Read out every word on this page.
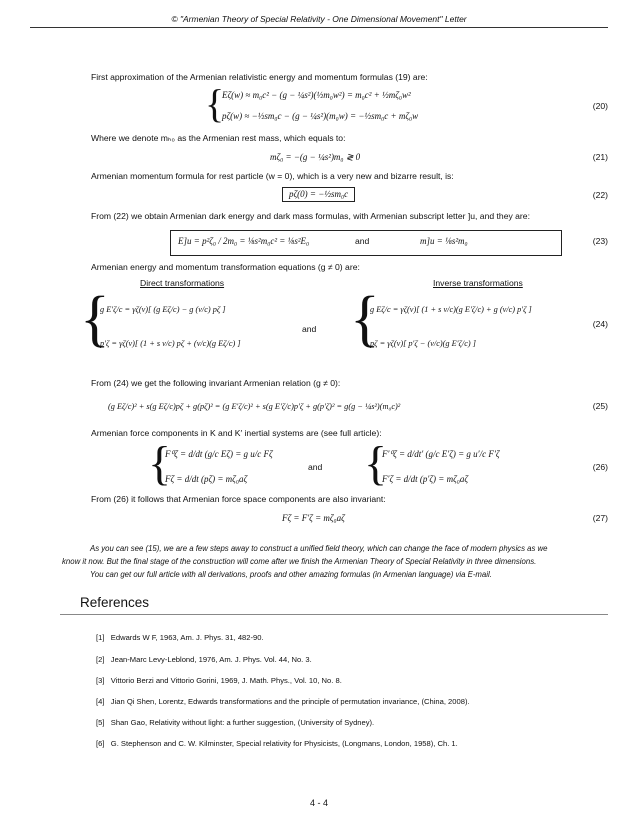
© "Armenian Theory of Special Relativity - One Dimensional Movement" Letter
First approximation of the Armenian relativistic energy and momentum formulas (19) are:
{
Eζ(w) ≈ m₀c² − (g − ¼s²)(½m₀w²) = m₀c² + ½mζ₀w²
pζ(w) ≈ −½sm₀c − (g − ¼s²)(m₀w) = −½sm₀c + mζ₀w
(20)
Where we denote mₕ₀ as the Armenian rest mass, which equals to:
mζ₀ = −(g − ¼s²)m₀ ≷ 0	(21)
Armenian momentum formula for rest particle (w = 0), which is a very new and bizarre result, is:
pζ(0) = −½sm₀c	(22)
From (22) we obtain Armenian dark energy and dark mass formulas, with Armenian subscript letter ]u, and they are:
E]u = p²ζ₀ / 2m₀ = ⅛s²m₀c² = ⅛s²E₀	and	m]u = ⅛s²m₀	(23)
Armenian energy and momentum transformation equations (g ≠ 0) are:
Direct transformations	Inverse transformations
{
g E′ζ/c = γζ(v)[ (g Eζ/c) − g (v/c) pζ ]
p′ζ = γζ(v)[ (1 + s v/c) pζ + (v/c)(g Eζ/c) ]
and {
g Eζ/c = γζ(v)[ (1 + s v/c)(g E′ζ/c) + g (v/c) p′ζ ]
pζ = γζ(v)[ p′ζ − (v/c)(g E′ζ/c) ]
(24)
From (24) we get the following invariant Armenian relation (g ≠ 0):
(g Eζ/c)² + s(g Eζ/c)pζ + g(pζ)² = (g E′ζ/c)² + s(g E′ζ/c)p′ζ + g(p′ζ)² = g(g − ¼s²)(m₀c)²	(25)
Armenian force components in K and K′ inertial systems are (see full article):
{
F⁰ζ = d/dt (g/c Eζ) = g u/c Fζ
Fζ = d/dt (pζ) = mζ₀aζ
and {
F′⁰ζ = d/dt′ (g/c E′ζ) = g u′/c F′ζ
F′ζ = d/dt (p′ζ) = mζ₀aζ
(26)
From (26) it follows that Armenian force space components are also invariant:
Fζ = F′ζ = mζ₀aζ	(27)
As you can see (15), we are a few steps away to construct a unified field theory, which can change the face of modern physics as we
know it now. But the final stage of the construction will come after we finish the Armenian Theory of Special Relativity in three dimensions.
You can get our full article with all derivations, proofs and other amazing formulas (in Armenian language) via E-mail.
References
[1] Edwards W F, 1963, Am. J. Phys. 31, 482-90.
[2] Jean-Marc Levy-Leblond, 1976, Am. J. Phys. Vol. 44, No. 3.
[3] Vittorio Berzi and Vittorio Gorini, 1969, J. Math. Phys., Vol. 10, No. 8.
[4] Jian Qi Shen, Lorentz, Edwards transformations and the principle of permutation invariance, (China, 2008).
[5] Shan Gao, Relativity without light: a further suggestion, (University of Sydney).
[6] G. Stephenson and C. W. Kilminster, Special relativity for Physicists, (Longmans, London, 1958), Ch. 1.
4 - 4
